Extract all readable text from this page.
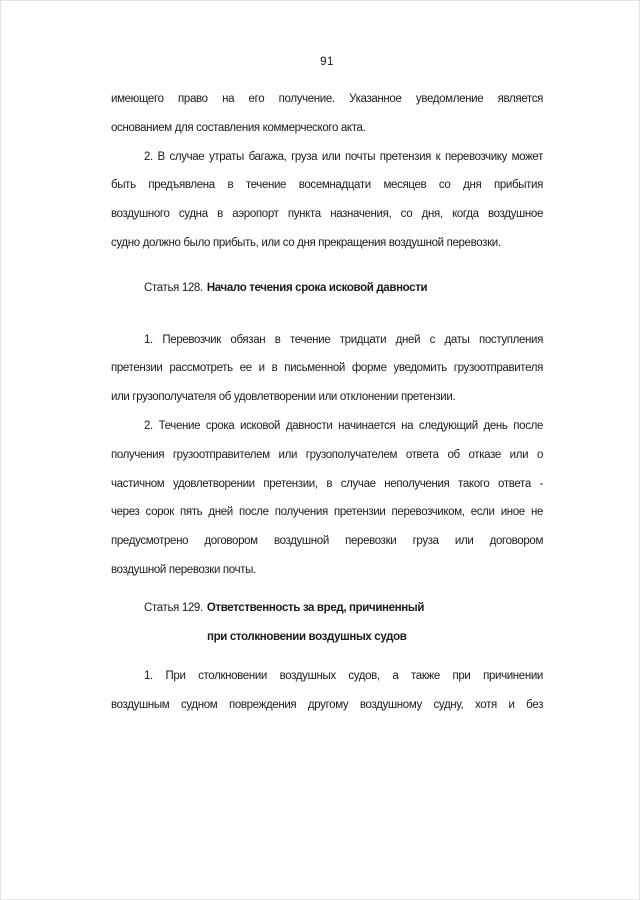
91
имеющего право на его получение. Указанное уведомление является
основанием для составления коммерческого акта.
2. В случае утраты багажа, груза или почты претензия к перевозчику может
быть предъявлена в течение восемнадцати месяцев со дня прибытия
воздушного судна в аэропорт пункта назначения, со дня, когда воздушное
судно должно было прибыть, или со дня прекращения воздушной перевозки.
Статья 128. Начало течения срока исковой давности
1. Перевозчик обязан в течение тридцати дней с даты поступления
претензии рассмотреть ее и в письменной форме уведомить грузоотправителя
или грузополучателя об удовлетворении или отклонении претензии.
2. Течение срока исковой давности начинается на следующий день после
получения грузоотправителем или грузополучателем ответа об отказе или о
частичном удовлетворении претензии, в случае неполучения такого ответа -
через сорок пять дней после получения претензии перевозчиком, если иное не
предусмотрено договором воздушной перевозки груза или договором
воздушной перевозки почты.
Статья 129. Ответственность за вред, причиненный
при столкновении воздушных судов
1. При столкновении воздушных судов, а также при причинении
воздушным судном повреждения другому воздушному судну, хотя и без
